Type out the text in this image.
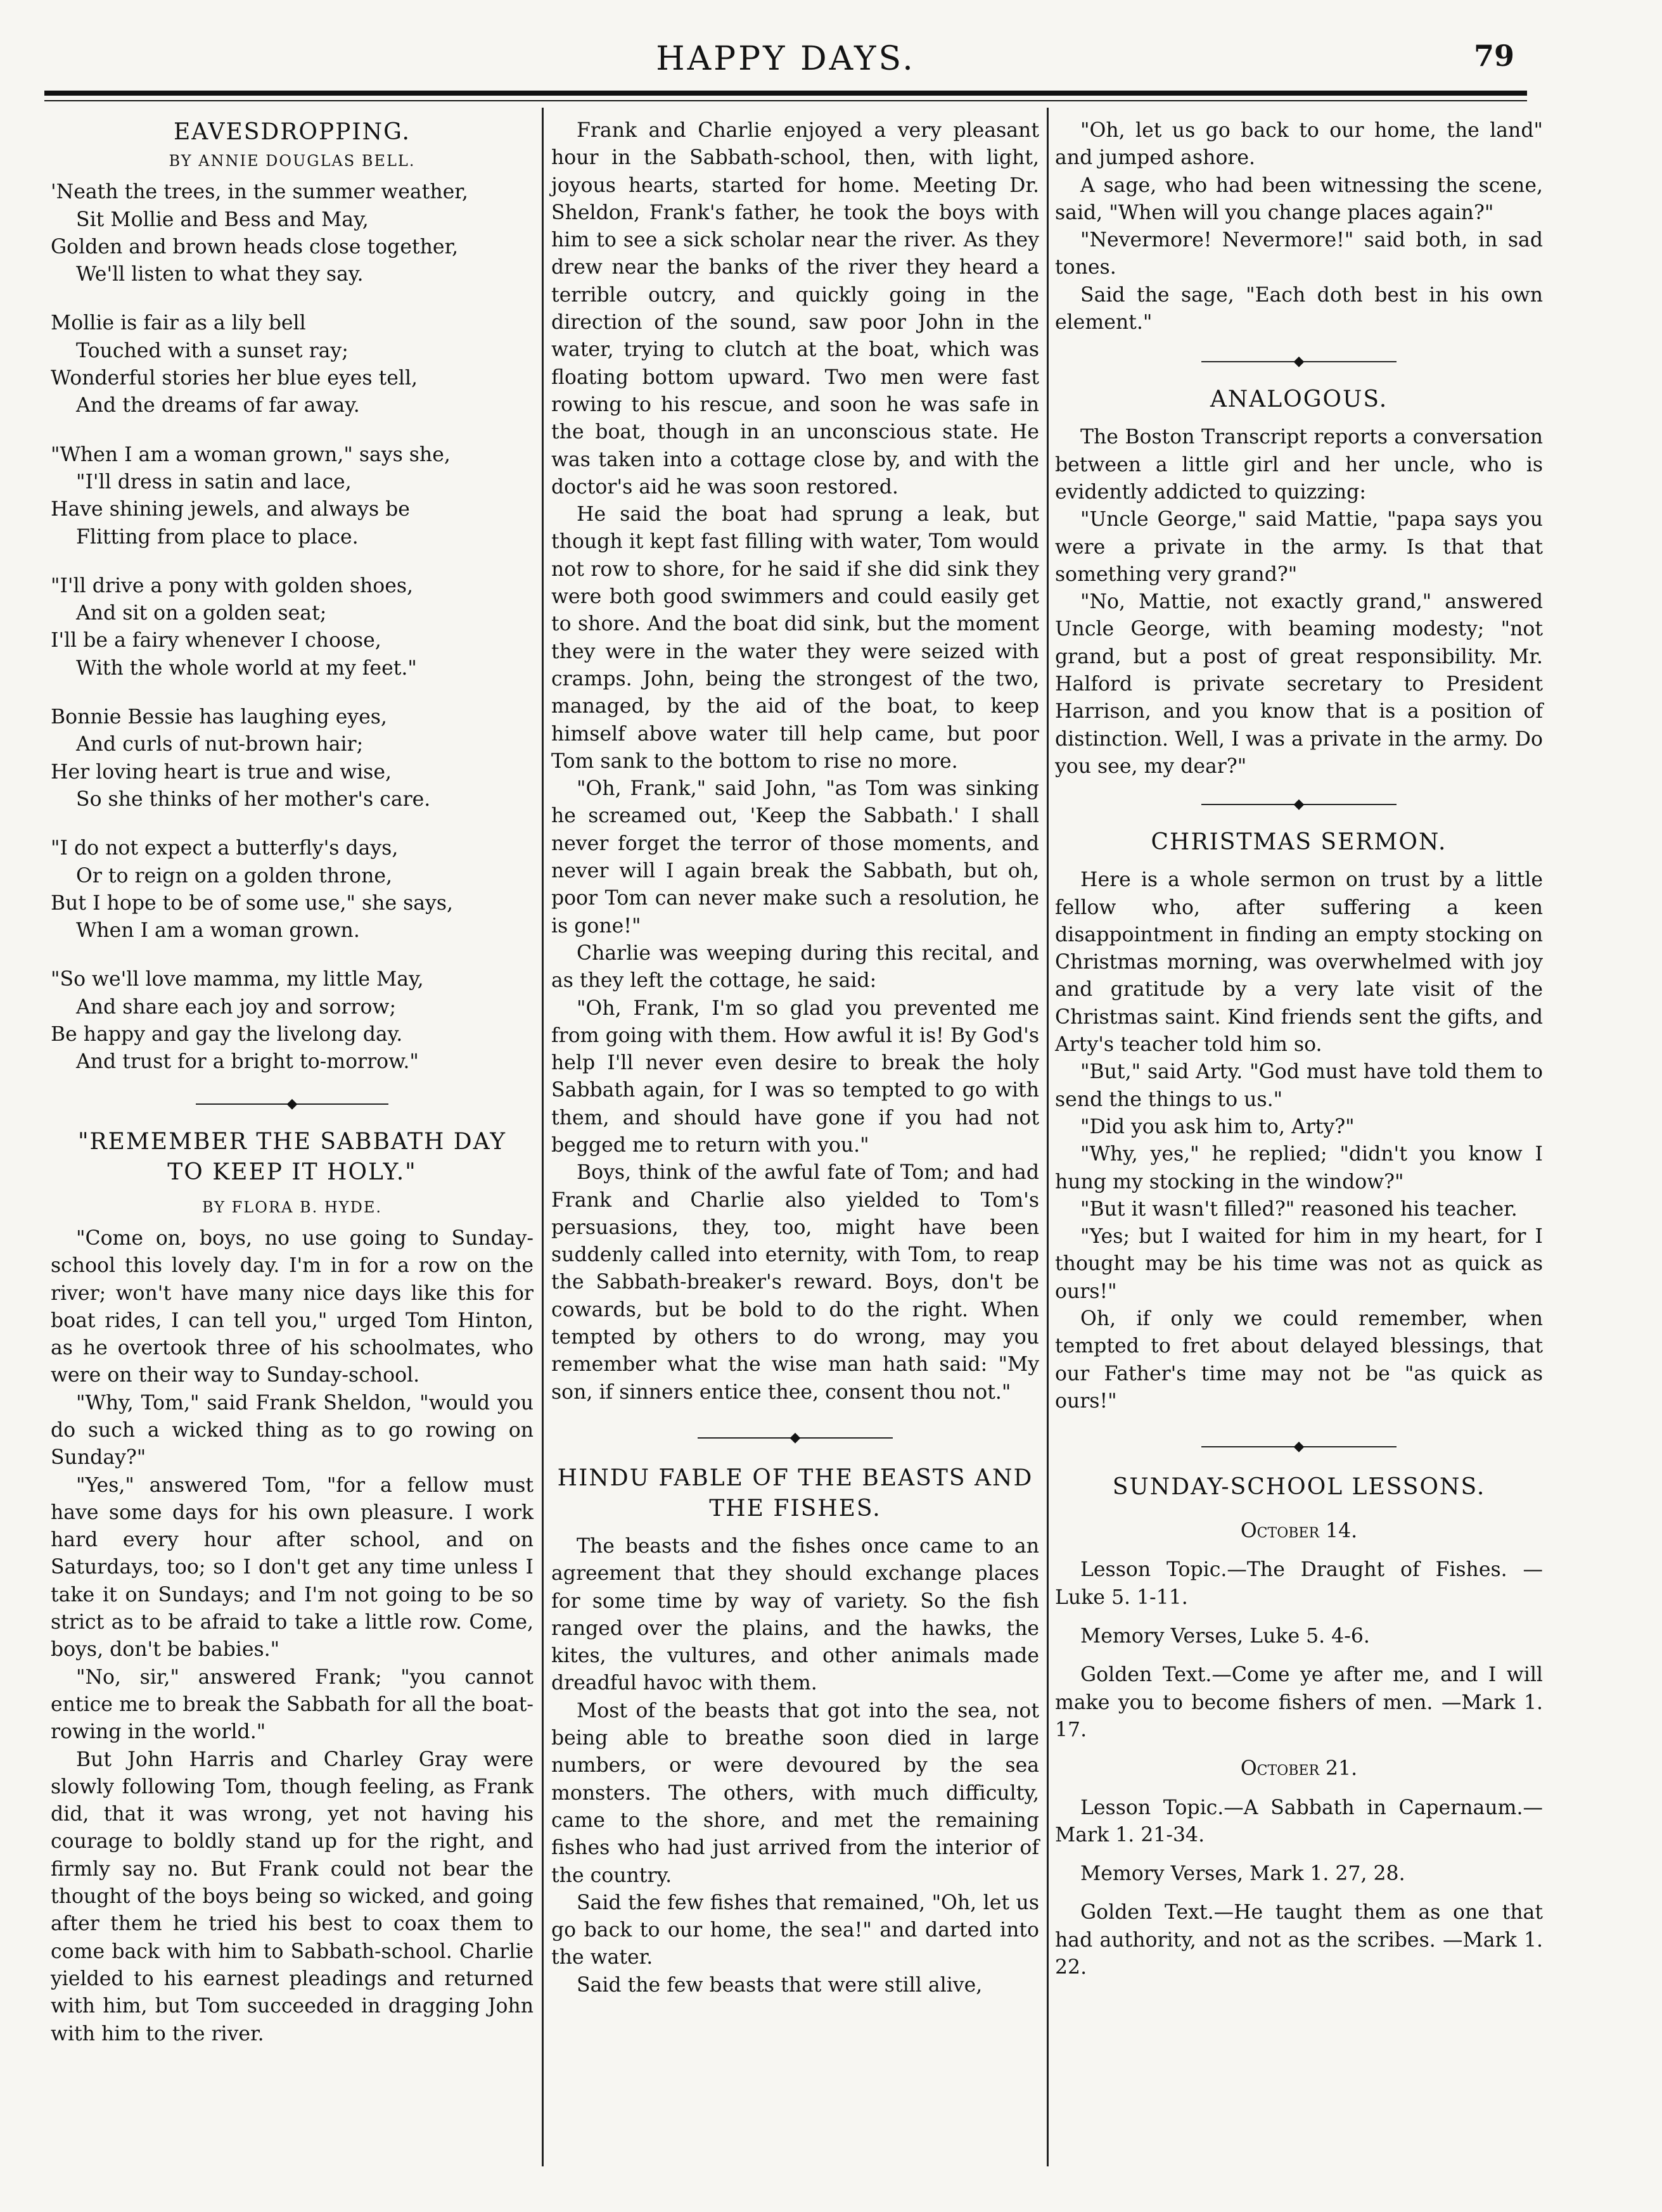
HAPPY DAYS.	79
EAVESDROPPING.
BY ANNIE DOUGLAS BELL.

'Neath the trees, in the summer weather,

Sit Mollie and Bess and May,

Golden and brown heads close together,

We'll listen to what they say.

Mollie is fair as a lily bell

Touched with a sunset ray;

Wonderful stories her blue eyes tell,

And the dreams of far away.

"When I am a woman grown," says she,

"I'll dress in satin and lace,

Have shining jewels, and always be

Flitting from place to place.

"I'll drive a pony with golden shoes,

And sit on a golden seat;

I'll be a fairy whenever I choose,

With the whole world at my feet."

Bonnie Bessie has laughing eyes,

And curls of nut-brown hair;

Her loving heart is true and wise,

So she thinks of her mother's care.

"I do not expect a butterfly's days,

Or to reign on a golden throne,

But I hope to be of some use," she says,

When I am a woman grown.

"So we'll love mamma, my little May,

And share each joy and sorrow;

Be happy and gay the livelong day.

And trust for a bright to-morrow."

◆
"REMEMBER THE SABBATH DAY
TO KEEP IT HOLY."
BY FLORA B. HYDE.

"Come on, boys, no use going to Sunday-school this lovely day. I'm in for a row on the river; won't have many nice days like this for boat rides, I can tell you," urged Tom Hinton, as he overtook three of his schoolmates, who were on their way to Sunday-school.

"Why, Tom," said Frank Sheldon, "would you do such a wicked thing as to go rowing on Sunday?"

"Yes," answered Tom, "for a fellow must have some days for his own pleasure. I work hard every hour after school, and on Saturdays, too; so I don't get any time unless I take it on Sundays; and I'm not going to be so strict as to be afraid to take a little row. Come, boys, don't be babies."

"No, sir," answered Frank; "you cannot entice me to break the Sabbath for all the boat-rowing in the world."

But John Harris and Charley Gray were slowly following Tom, though feeling, as Frank did, that it was wrong, yet not having his courage to boldly stand up for the right, and firmly say no. But Frank could not bear the thought of the boys being so wicked, and going after them he tried his best to coax them to come back with him to Sabbath-school. Charlie yielded to his earnest pleadings and returned with him, but Tom succeeded in dragging John with him to the river.

Frank and Charlie enjoyed a very pleasant hour in the Sabbath-school, then, with light, joyous hearts, started for home. Meeting Dr. Sheldon, Frank's father, he took the boys with him to see a sick scholar near the river. As they drew near the banks of the river they heard a terrible outcry, and quickly going in the direction of the sound, saw poor John in the water, trying to clutch at the boat, which was floating bottom upward. Two men were fast rowing to his rescue, and soon he was safe in the boat, though in an unconscious state. He was taken into a cottage close by, and with the doctor's aid he was soon restored.

He said the boat had sprung a leak, but though it kept fast filling with water, Tom would not row to shore, for he said if she did sink they were both good swimmers and could easily get to shore. And the boat did sink, but the moment they were in the water they were seized with cramps. John, being the strongest of the two, managed, by the aid of the boat, to keep himself above water till help came, but poor Tom sank to the bottom to rise no more.

"Oh, Frank," said John, "as Tom was sinking he screamed out, 'Keep the Sabbath.' I shall never forget the terror of those moments, and never will I again break the Sabbath, but oh, poor Tom can never make such a resolution, he is gone!"

Charlie was weeping during this recital, and as they left the cottage, he said:

"Oh, Frank, I'm so glad you prevented me from going with them. How awful it is! By God's help I'll never even desire to break the holy Sabbath again, for I was so tempted to go with them, and should have gone if you had not begged me to return with you."

Boys, think of the awful fate of Tom; and had Frank and Charlie also yielded to Tom's persuasions, they, too, might have been suddenly called into eternity, with Tom, to reap the Sabbath-breaker's reward. Boys, don't be cowards, but be bold to do the right. When tempted by others to do wrong, may you remember what the wise man hath said: "My son, if sinners entice thee, consent thou not."

◆
HINDU FABLE OF THE BEASTS AND
THE FISHES.

The beasts and the fishes once came to an agreement that they should exchange places for some time by way of variety. So the fish ranged over the plains, and the hawks, the kites, the vultures, and other animals made dreadful havoc with them.

Most of the beasts that got into the sea, not being able to breathe soon died in large numbers, or were devoured by the sea monsters. The others, with much difficulty, came to the shore, and met the remaining fishes who had just arrived from the interior of the country.

Said the few fishes that remained, "Oh, let us go back to our home, the sea!" and darted into the water.

Said the few beasts that were still alive,

"Oh, let us go back to our home, the land" and jumped ashore.

A sage, who had been witnessing the scene, said, "When will you change places again?"

"Nevermore! Nevermore!" said both, in sad tones.

Said the sage, "Each doth best in his own element."

◆
ANALOGOUS.

The Boston Transcript reports a conversation between a little girl and her uncle, who is evidently addicted to quizzing:

"Uncle George," said Mattie, "papa says you were a private in the army. Is that that something very grand?"

"No, Mattie, not exactly grand," answered Uncle George, with beaming modesty; "not grand, but a post of great responsibility. Mr. Halford is private secretary to President Harrison, and you know that is a position of distinction. Well, I was a private in the army. Do you see, my dear?"

◆
CHRISTMAS SERMON.

Here is a whole sermon on trust by a little fellow who, after suffering a keen disappointment in finding an empty stocking on Christmas morning, was overwhelmed with joy and gratitude by a very late visit of the Christmas saint. Kind friends sent the gifts, and Arty's teacher told him so.

"But," said Arty. "God must have told them to send the things to us."

"Did you ask him to, Arty?"

"Why, yes," he replied; "didn't you know I hung my stocking in the window?"

"But it wasn't filled?" reasoned his teacher.

"Yes; but I waited for him in my heart, for I thought may be his time was not as quick as ours!"

Oh, if only we could remember, when tempted to fret about delayed blessings, that our Father's time may not be "as quick as ours!"

◆
SUNDAY-SCHOOL LESSONS.
October 14.

Lesson Topic.—The Draught of Fishes. —Luke 5. 1-11.

Memory Verses, Luke 5. 4-6.

Golden Text.—Come ye after me, and I will make you to become fishers of men. —Mark 1. 17.

October 21.

Lesson Topic.—A Sabbath in Capernaum.—Mark 1. 21-34.

Memory Verses, Mark 1. 27, 28.

Golden Text.—He taught them as one that had authority, and not as the scribes. —Mark 1. 22.
